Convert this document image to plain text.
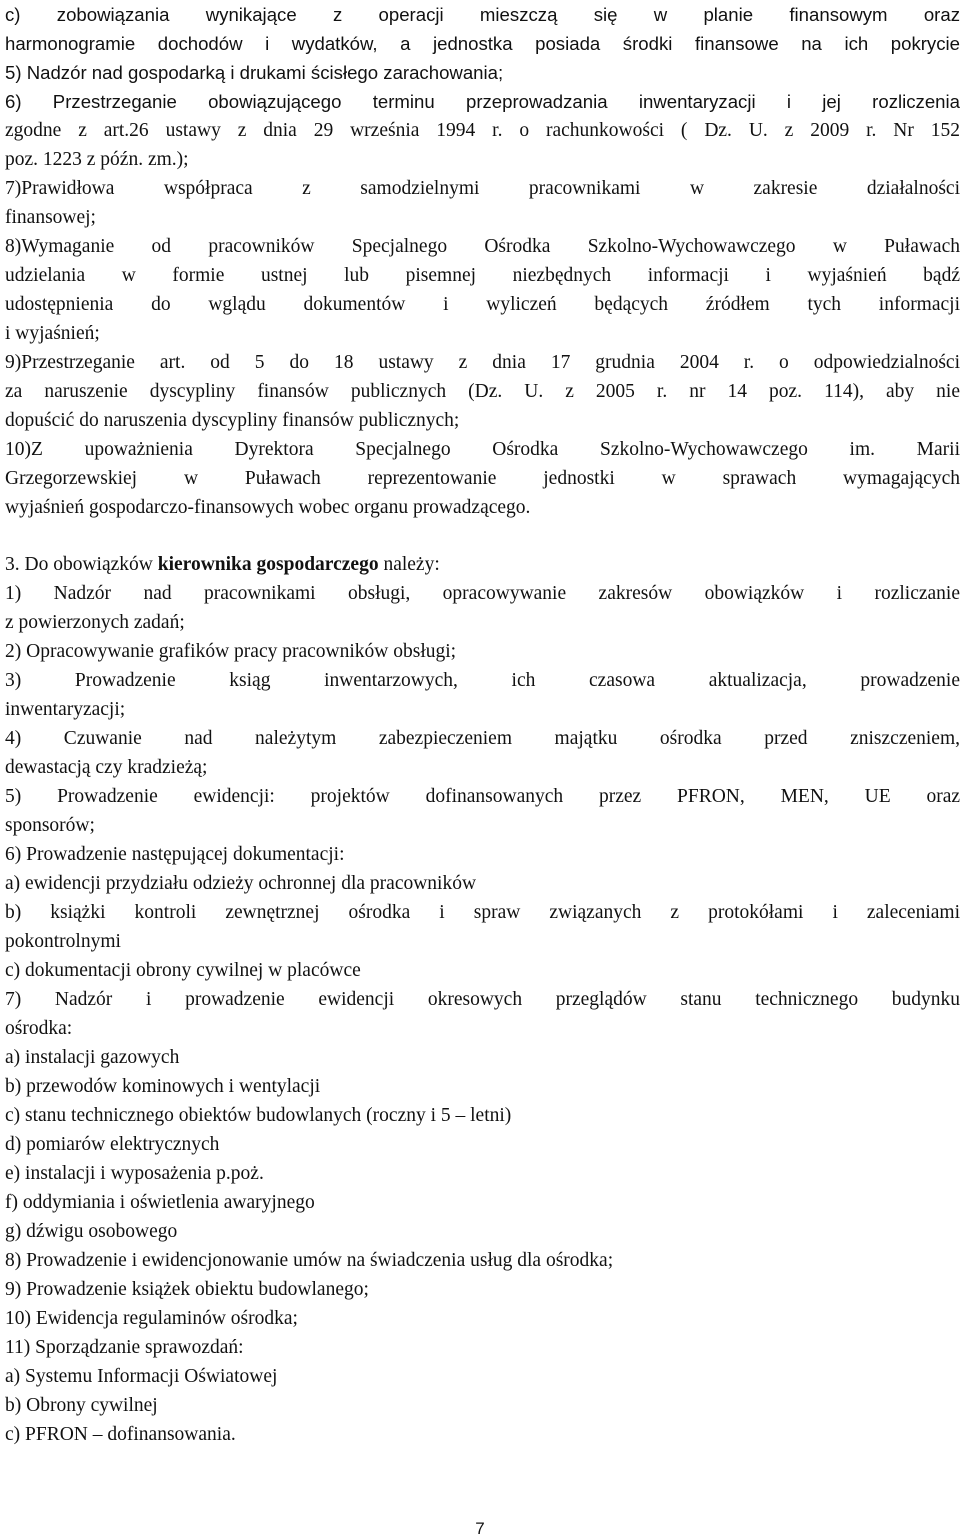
c) zobowiązania wynikające z operacji mieszczą się w planie finansowym oraz
harmonogramie dochodów i wydatków, a jednostka posiada środki finansowe na ich pokrycie
5) Nadzór nad gospodarką i drukami ścisłego zarachowania;
6) Przestrzeganie obowiązującego terminu przeprowadzania inwentaryzacji i jej rozliczenia
zgodne z art.26 ustawy z dnia 29 września 1994 r. o rachunkowości ( Dz. U. z 2009 r. Nr 152
poz. 1223 z późn. zm.);
7)Prawidłowa współpraca z samodzielnymi pracownikami w zakresie działalności
finansowej;
8)Wymaganie od pracowników Specjalnego Ośrodka Szkolno-Wychowawczego w Puławach
udzielania w formie ustnej lub pisemnej niezbędnych informacji i wyjaśnień bądź
udostępnienia do wglądu dokumentów i wyliczeń będących źródłem tych informacji
i wyjaśnień;
9)Przestrzeganie art. od 5 do 18 ustawy z dnia 17 grudnia 2004 r. o odpowiedzialności
za naruszenie dyscypliny finansów publicznych (Dz. U. z 2005 r. nr 14 poz. 114), aby nie
dopuścić do naruszenia dyscypliny finansów publicznych;
10)Z upoważnienia Dyrektora Specjalnego Ośrodka Szkolno-Wychowawczego im. Marii
Grzegorzewskiej w Puławach reprezentowanie jednostki w sprawach wymagających
wyjaśnień gospodarczo-finansowych wobec organu prowadzącego.
3. Do obowiązków kierownika gospodarczego należy:
1) Nadzór nad pracownikami obsługi, opracowywanie zakresów obowiązków i rozliczanie
z powierzonych zadań;
2) Opracowywanie grafików pracy pracowników obsługi;
3) Prowadzenie ksiąg inwentarzowych, ich czasowa aktualizacja, prowadzenie
inwentaryzacji;
4) Czuwanie nad należytym zabezpieczeniem majątku ośrodka przed zniszczeniem,
dewastacją czy kradzieżą;
5) Prowadzenie ewidencji: projektów dofinansowanych przez PFRON, MEN, UE oraz
sponsorów;
6) Prowadzenie następującej dokumentacji:
a) ewidencji przydziału odzieży ochronnej dla pracowników
b) książki kontroli zewnętrznej ośrodka i spraw związanych z protokółami i zaleceniami
pokontrolnymi
c) dokumentacji obrony cywilnej w placówce
7) Nadzór i prowadzenie ewidencji okresowych przeglądów stanu technicznego budynku
ośrodka:
a) instalacji gazowych
b) przewodów kominowych i wentylacji
c) stanu technicznego obiektów budowlanych (roczny i 5 – letni)
d) pomiarów elektrycznych
e) instalacji i wyposażenia p.poż.
f) oddymiania i oświetlenia awaryjnego
g) dźwigu osobowego
8) Prowadzenie i ewidencjonowanie umów na świadczenia usług dla ośrodka;
9) Prowadzenie książek obiektu budowlanego;
10) Ewidencja regulaminów ośrodka;
11) Sporządzanie sprawozdań:
a) Systemu Informacji Oświatowej
b) Obrony cywilnej
c) PFRON – dofinansowania.
7
